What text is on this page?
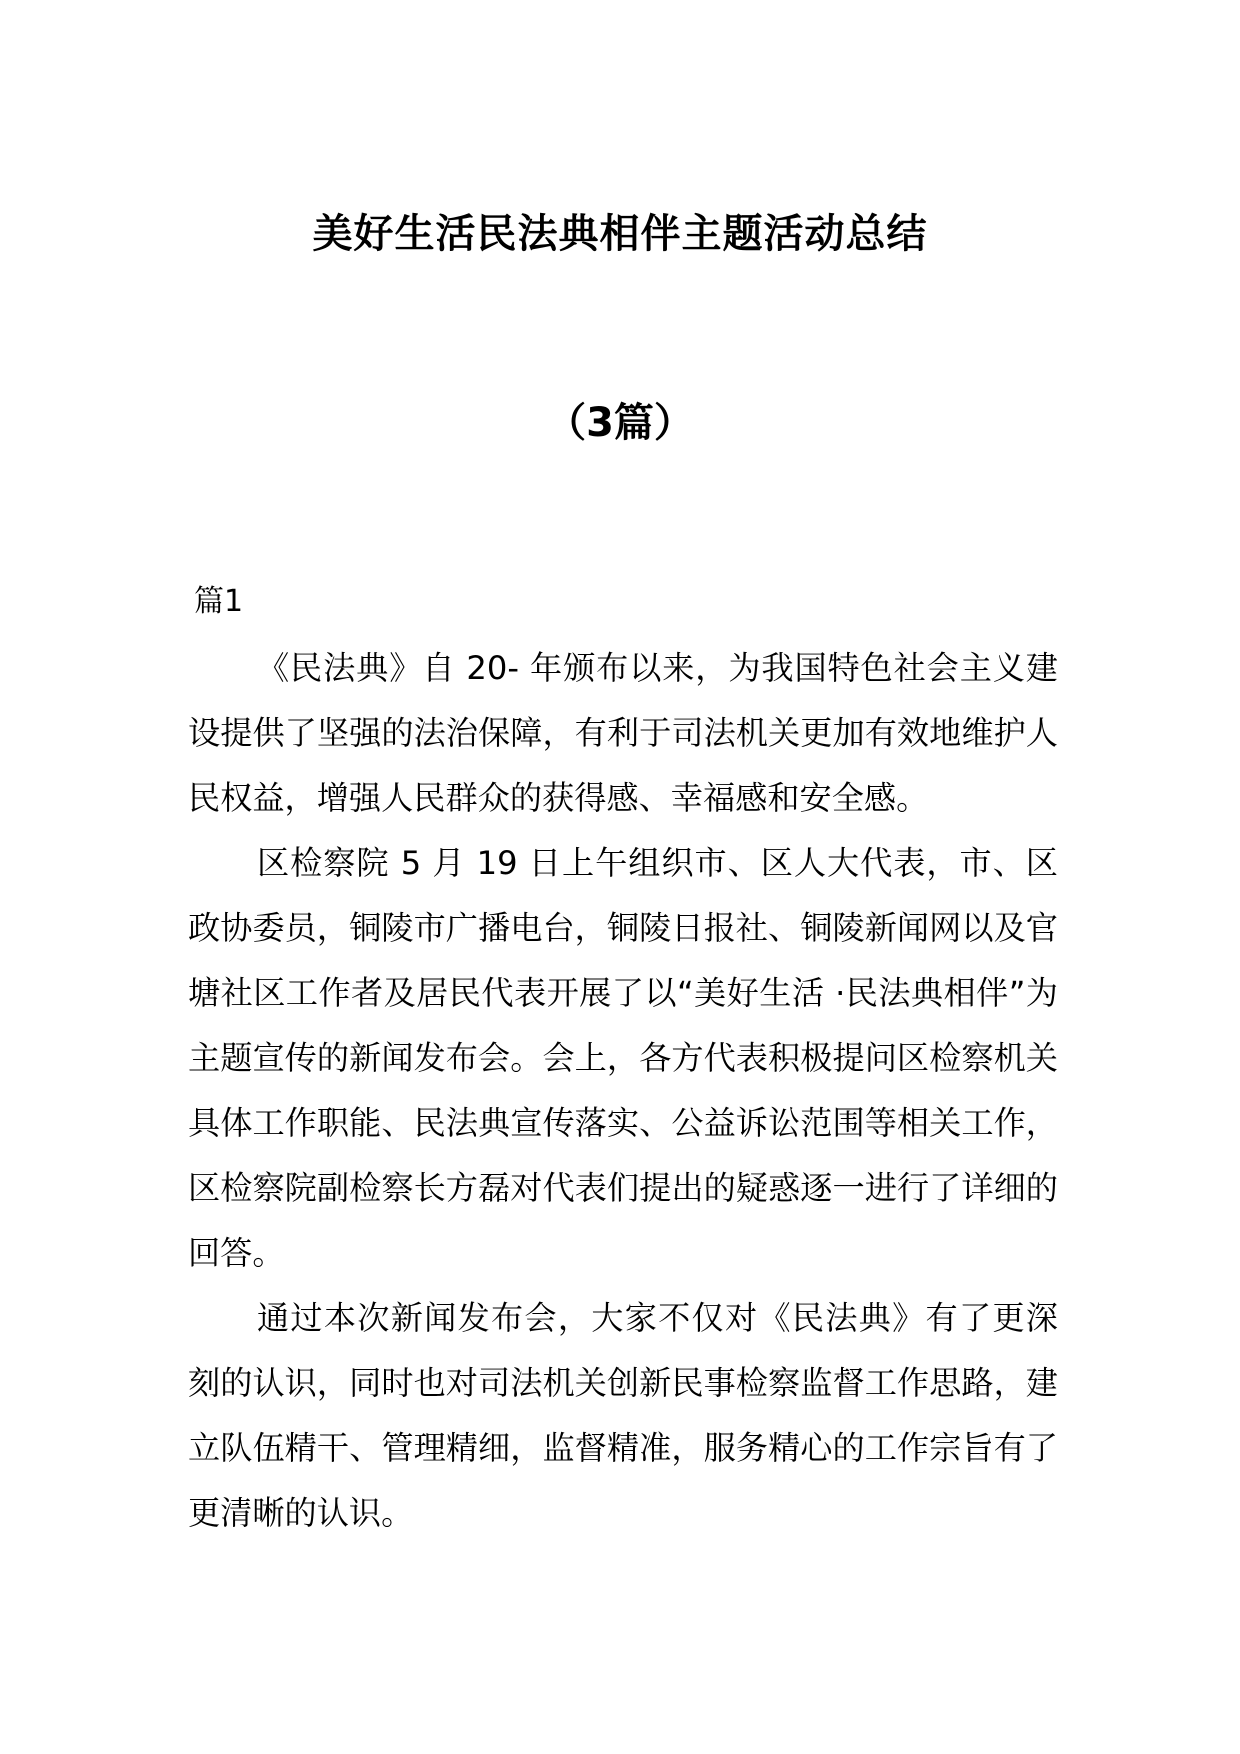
美好生活民法典相伴主题活动总结
（3篇）

篇1

《民法典》自 20- 年颁布以来，为我国特色社会主义建设提供了坚强的法治保障，有利于司法机关更加有效地维护人民权益，增强人民群众的获得感、幸福感和安全感。

区检察院 5 月 19 日上午组织市、区人大代表，市、区政协委员，铜陵市广播电台，铜陵日报社、铜陵新闻网以及官塘社区工作者及居民代表开展了以“美好生活 ·民法典相伴”为主题宣传的新闻发布会。会上，各方代表积极提问区检察机关具体工作职能、民法典宣传落实、公益诉讼范围等相关工作，区检察院副检察长方磊对代表们提出的疑惑逐一进行了详细的回答。

通过本次新闻发布会，大家不仅对《民法典》有了更深刻的认识，同时也对司法机关创新民事检察监督工作思路，建立队伍精干、管理精细，监督精准，服务精心的工作宗旨有了更清晰的认识。
